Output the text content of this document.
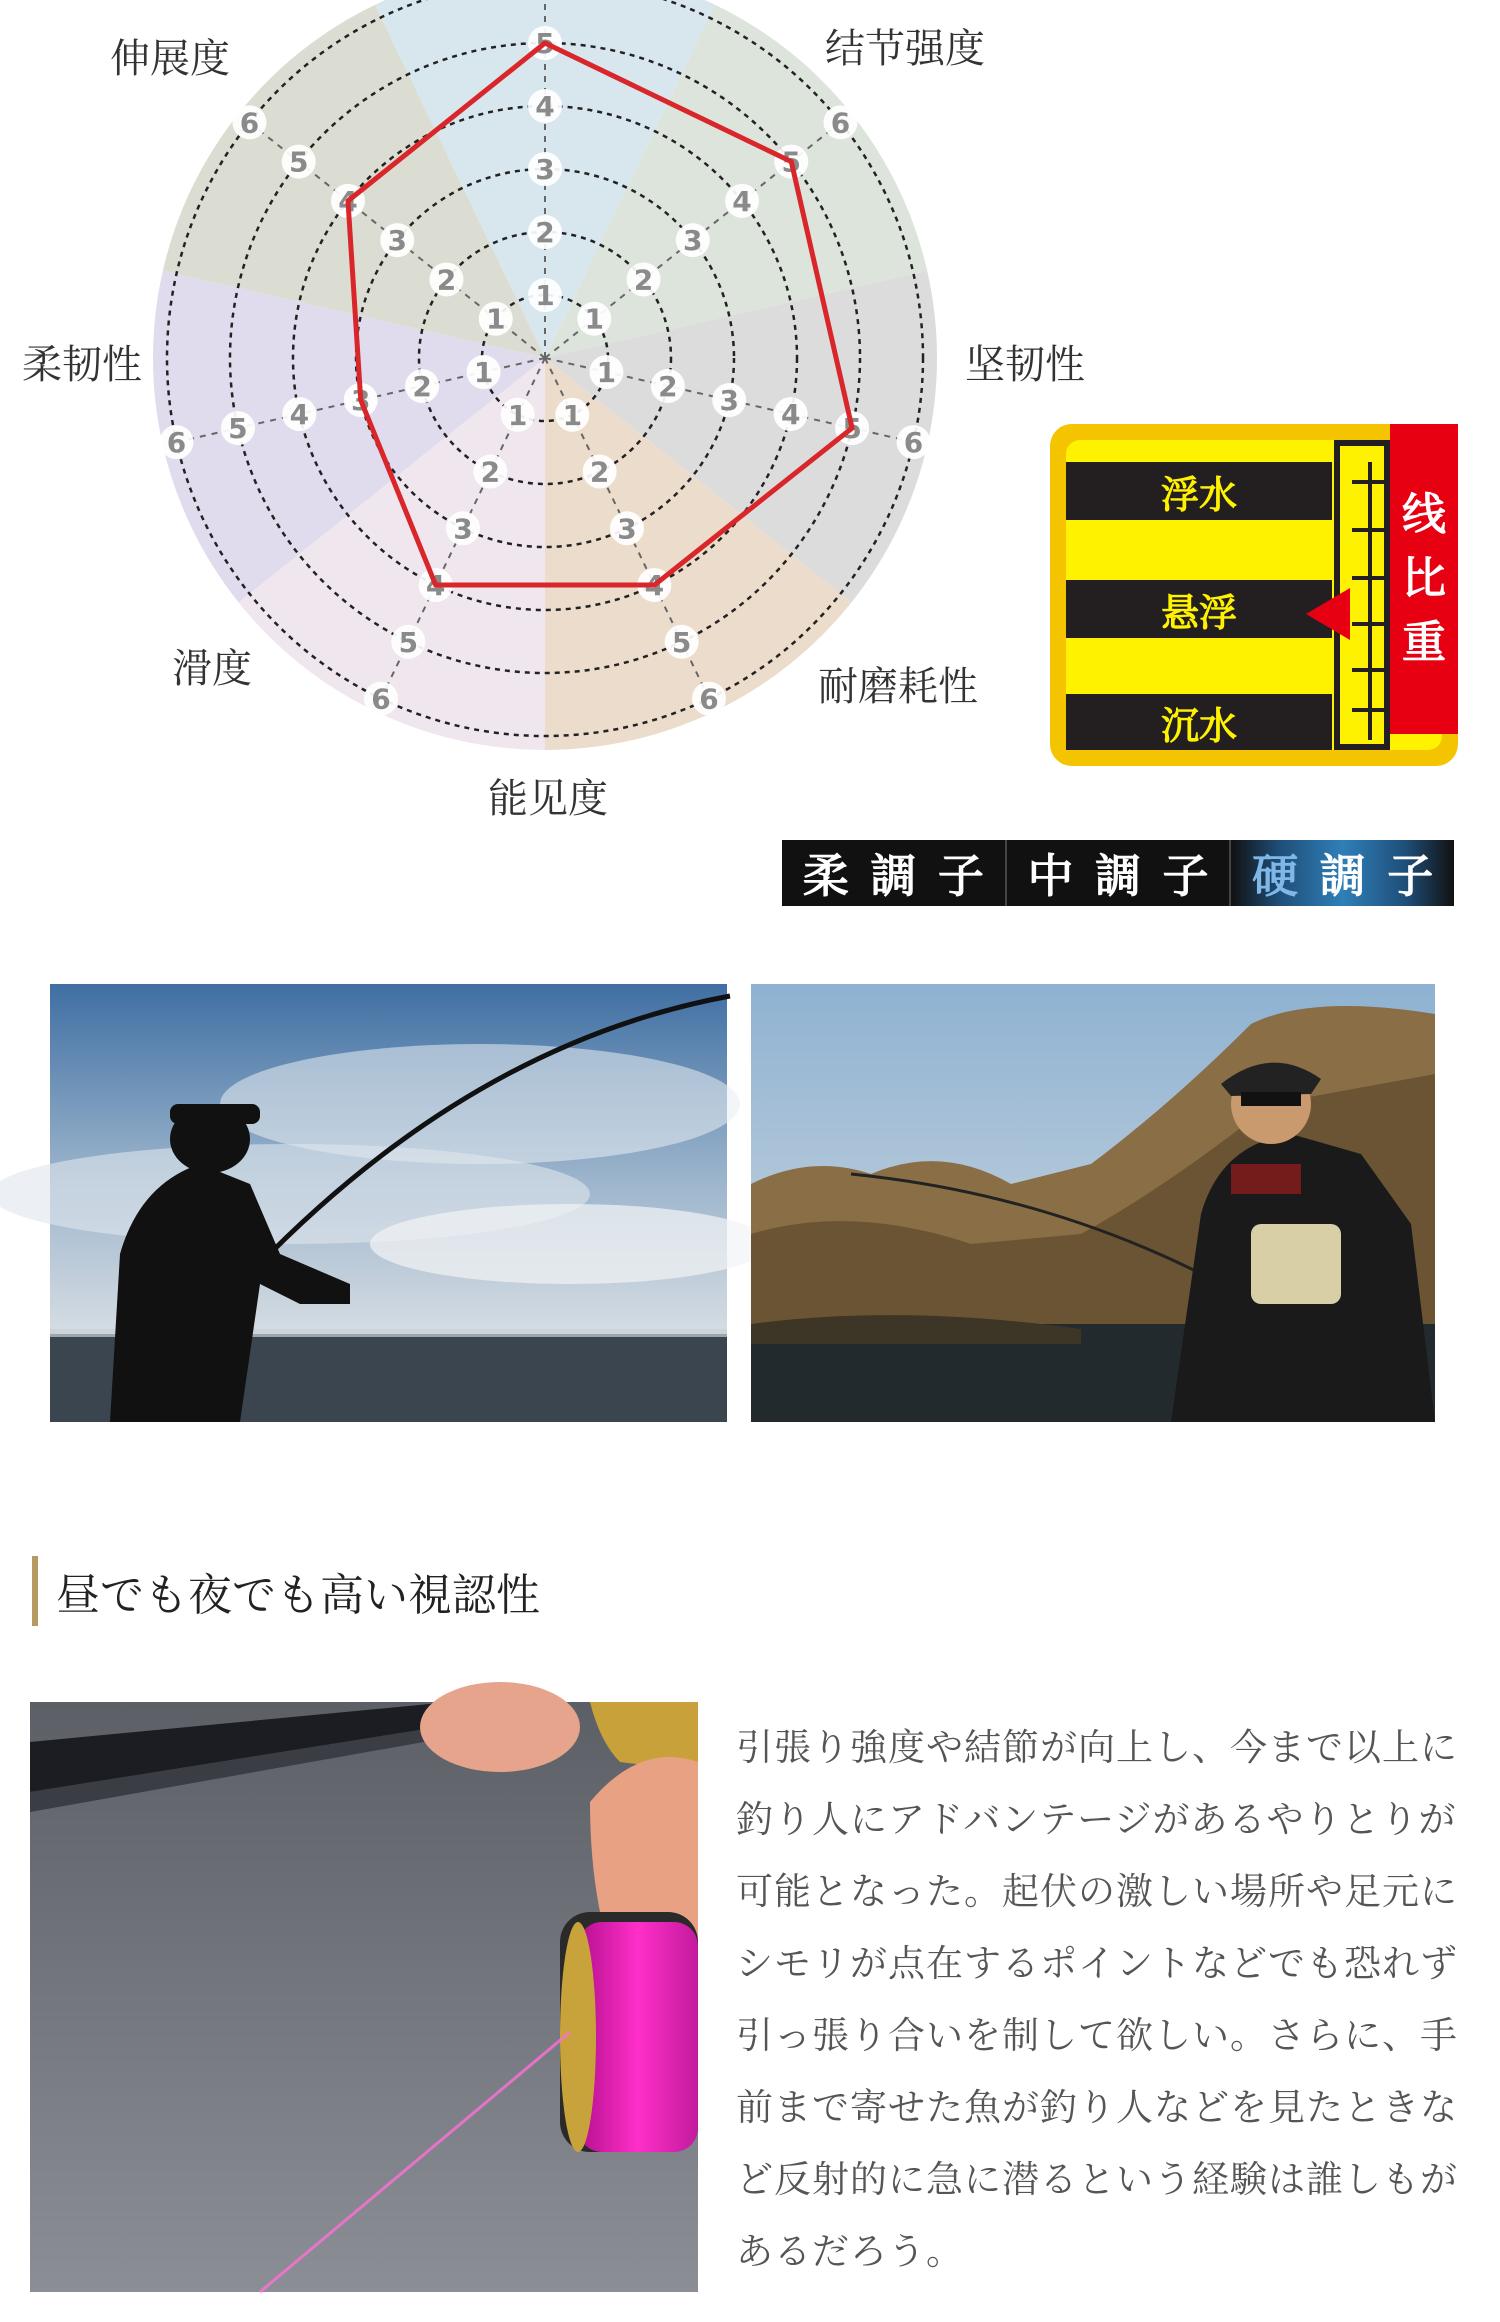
1
2
3
4
5
1
2
3
4
5
6
1 2 3 4 5 6
1
2
3
4
5
6
1
2
3
4
5
6
1
2
3
4
5
6
1
2
3
4
5
6
结节强度
坚韧性
耐磨耗性
能见度
滑度
柔韧性
伸展度
浮水
悬浮
沉水
线
比
重
柔 調 子 中 調 子 硬 調 子
昼でも夜でも高い視認性

引張り強度や結節が向上し、今まで以上に釣り人にアドバンテージがあるやりとりが可能となった。起伏の激しい場所や足元にシモリが点在するポイントなどでも恐れず引っ張り合いを制して欲しい。さらに、手前まで寄せた魚が釣り人などを見たときなど反射的に急に潜るという経験は誰しもがあるだろう。
